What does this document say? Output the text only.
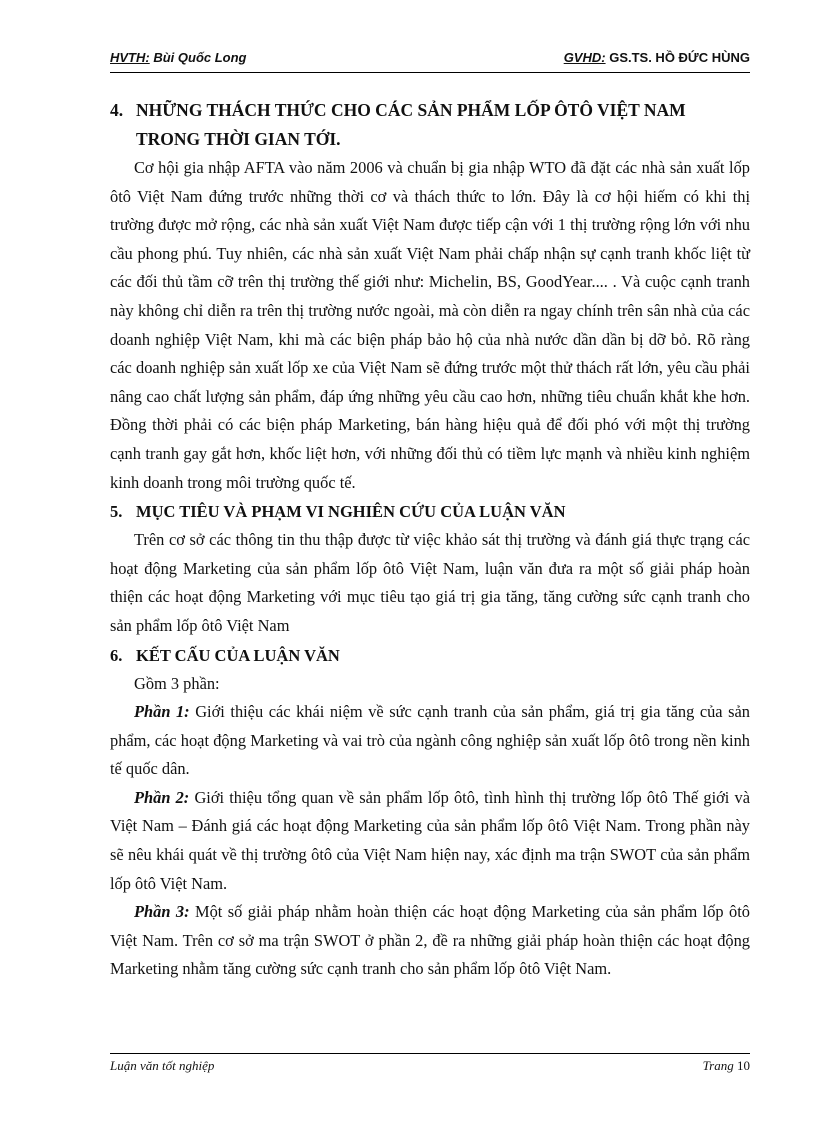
HVTH: Bùi Quốc Long	GVHD: GS.TS. HỒ ĐỨC HÙNG
4. NHỮNG THÁCH THỨC CHO CÁC SẢN PHẨM LỐP ÔTÔ VIỆT NAM TRONG THỜI GIAN TỚI.

Cơ hội gia nhập AFTA vào năm 2006 và chuẩn bị gia nhập WTO đã đặt các nhà sản xuất lốp ôtô Việt Nam đứng trước những thời cơ và thách thức to lớn. Đây là cơ hội hiếm có khi thị trường được mở rộng, các nhà sản xuất Việt Nam được tiếp cận với 1 thị trường rộng lớn với nhu cầu phong phú. Tuy nhiên, các nhà sản xuất Việt Nam phải chấp nhận sự cạnh tranh khốc liệt từ các đối thủ tầm cỡ trên thị trường thế giới như: Michelin, BS, GoodYear.... . Và cuộc cạnh tranh này không chỉ diễn ra trên thị trường nước ngoài, mà còn diễn ra ngay chính trên sân nhà của các doanh nghiệp Việt Nam, khi mà các biện pháp bảo hộ của nhà nước dần dần bị dỡ bỏ. Rõ ràng các doanh nghiệp sản xuất lốp xe của Việt Nam sẽ đứng trước một thử thách rất lớn, yêu cầu phải nâng cao chất lượng sản phẩm, đáp ứng những yêu cầu cao hơn, những tiêu chuẩn khắt khe hơn. Đồng thời phải có các biện pháp Marketing, bán hàng hiệu quả để đối phó với một thị trường cạnh tranh gay gắt hơn, khốc liệt hơn, với những đối thủ có tiềm lực mạnh và nhiều kinh nghiệm kinh doanh trong môi trường quốc tế.

5. MỤC TIÊU VÀ PHẠM VI NGHIÊN CỨU CỦA LUẬN VĂN

Trên cơ sở các thông tin thu thập được từ việc khảo sát thị trường và đánh giá thực trạng các hoạt động Marketing của sản phẩm lốp ôtô Việt Nam, luận văn đưa ra một số giải pháp hoàn thiện các hoạt động Marketing với mục tiêu tạo giá trị gia tăng, tăng cường sức cạnh tranh cho sản phẩm lốp ôtô Việt Nam

6. KẾT CẤU CỦA LUẬN VĂN

Gồm 3 phần:

Phần 1: Giới thiệu các khái niệm về sức cạnh tranh của sản phẩm, giá trị gia tăng của sản phẩm, các hoạt động Marketing và vai trò của ngành công nghiệp sản xuất lốp ôtô trong nền kinh tế quốc dân.

Phần 2: Giới thiệu tổng quan về sản phẩm lốp ôtô, tình hình thị trường lốp ôtô Thế giới và Việt Nam – Đánh giá các hoạt động Marketing của sản phẩm lốp ôtô Việt Nam. Trong phần này sẽ nêu khái quát về thị trường ôtô của Việt Nam hiện nay, xác định ma trận SWOT của sản phẩm lốp ôtô Việt Nam.

Phần 3: Một số giải pháp nhằm hoàn thiện các hoạt động Marketing của sản phẩm lốp ôtô Việt Nam. Trên cơ sở ma trận SWOT ở phần 2, đề ra những giải pháp hoàn thiện các hoạt động Marketing nhằm tăng cường sức cạnh tranh cho sản phẩm lốp ôtô Việt Nam.

Luận văn tốt nghiệp	Trang 10
